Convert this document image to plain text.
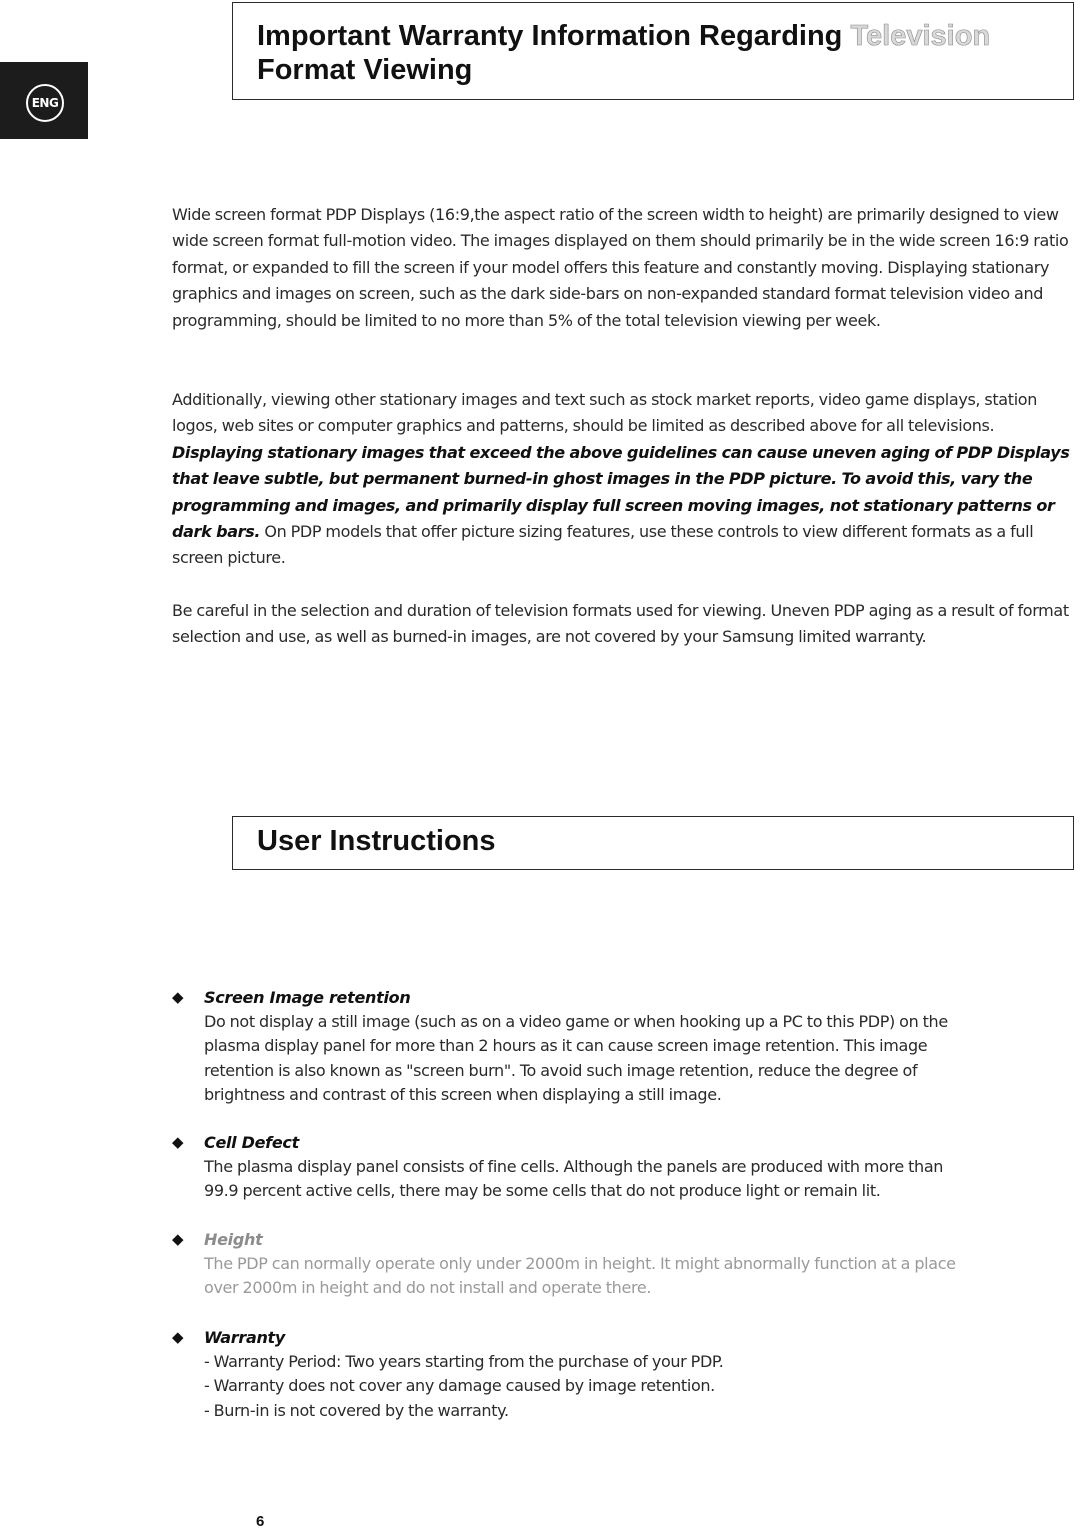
ENG
Important Warranty Information Regarding Television
Format Viewing

Wide screen format PDP Displays (16:9,the aspect ratio of the screen width to height) are primarily designed to view wide screen format full-motion video. The images displayed on them should primarily be in the wide screen 16:9 ratio format, or expanded to fill the screen if your model offers this feature and constantly moving. Displaying stationary graphics and images on screen, such as the dark side-bars on non-expanded standard format television video and programming, should be limited to no more than 5% of the total television viewing per week.

Additionally, viewing other stationary images and text such as stock market reports, video game displays, station logos, web sites or computer graphics and patterns, should be limited as described above for all televisions. Displaying stationary images that exceed the above guidelines can cause uneven aging of PDP Displays that leave subtle, but permanent burned-in ghost images in the PDP picture. To avoid this, vary the programming and images, and primarily display full screen moving images, not stationary patterns or dark bars. On PDP models that offer picture sizing features, use these controls to view different formats as a full screen picture.

Be careful in the selection and duration of television formats used for viewing. Uneven PDP aging as a result of format selection and use, as well as burned-in images, are not covered by your Samsung limited warranty.

User Instructions
◆ Screen Image retention

Do not display a still image (such as on a video game or when hooking up a PC to this PDP) on the
plasma display panel for more than 2 hours as it can cause screen image retention. This image
retention is also known as "screen burn". To avoid such image retention, reduce the degree of
brightness and contrast of this screen when displaying a still image.
◆ Cell Defect

The plasma display panel consists of fine cells. Although the panels are produced with more than
99.9 percent active cells, there may be some cells that do not produce light or remain lit.
◆ Height

The PDP can normally operate only under 2000m in height. It might abnormally function at a place
over 2000m in height and do not install and operate there.
◆ Warranty

- Warranty Period: Two years starting from the purchase of your PDP.
- Warranty does not cover any damage caused by image retention.
- Burn-in is not covered by the warranty.
6
